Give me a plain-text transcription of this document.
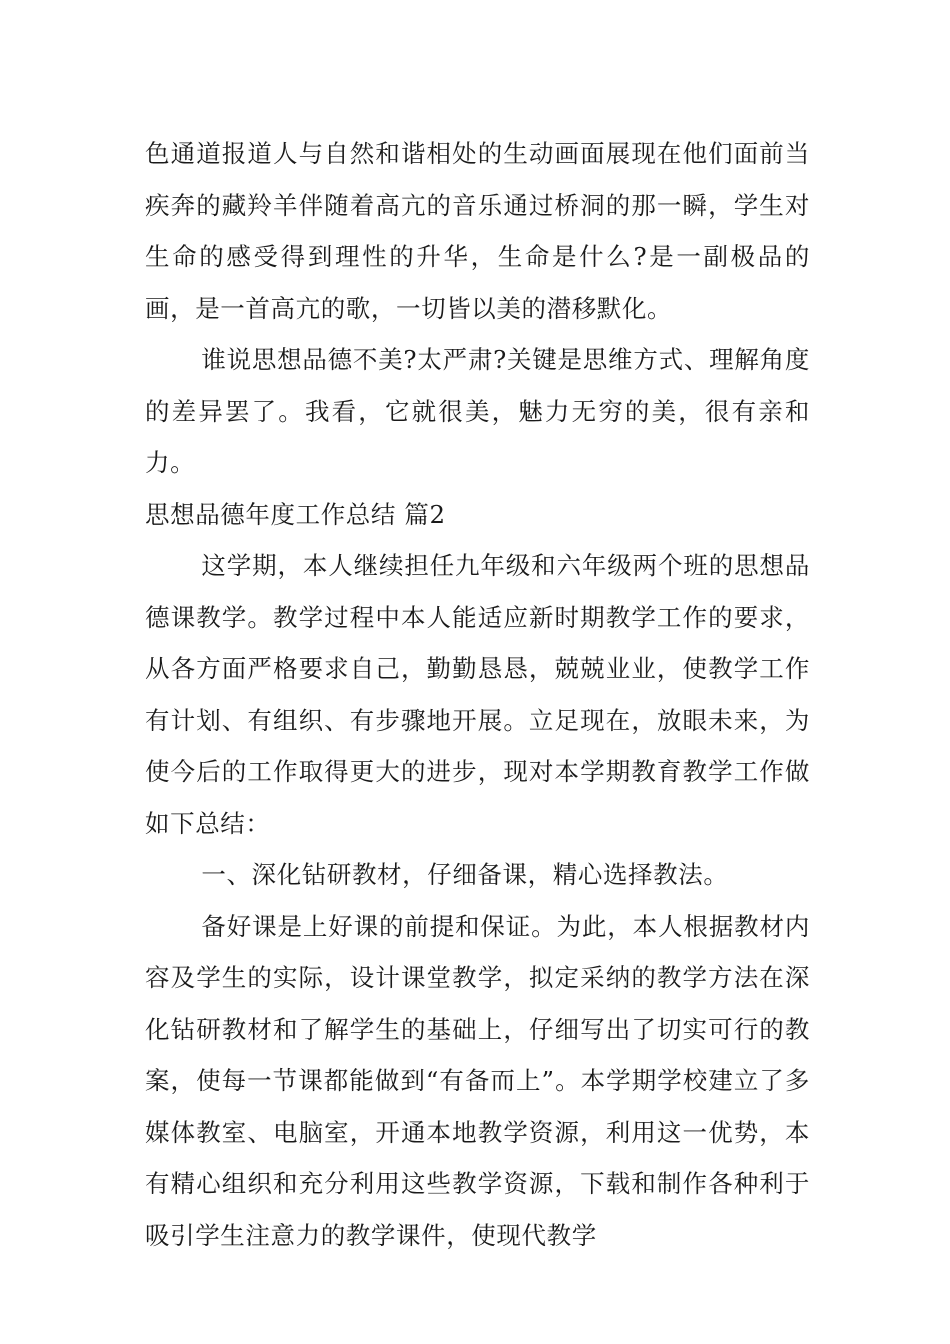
色通道报道人与自然和谐相处的生动画面展现在他们面前当疾奔的藏羚羊伴随着高亢的音乐通过桥洞的那一瞬，学生对生命的感受得到理性的升华，生命是什么?是一副极品的画，是一首高亢的歌，一切皆以美的潜移默化。

谁说思想品德不美?太严肃?关键是思维方式、理解角度的差异罢了。我看，它就很美，魅力无穷的美，很有亲和力。

思想品德年度工作总结 篇2

这学期，本人继续担任九年级和六年级两个班的思想品德课教学。教学过程中本人能适应新时期教学工作的要求，从各方面严格要求自己，勤勤恳恳，兢兢业业，使教学工作有计划、有组织、有步骤地开展。立足现在，放眼未来，为使今后的工作取得更大的进步，现对本学期教育教学工作做如下总结：

一、深化钻研教材，仔细备课，精心选择教法。

备好课是上好课的前提和保证。为此，本人根据教材内容及学生的实际，设计课堂教学，拟定采纳的教学方法在深化钻研教材和了解学生的基础上，仔细写出了切实可行的教案，使每一节课都能做到“有备而上”。本学期学校建立了多媒体教室、电脑室，开通本地教学资源，利用这一优势，本有精心组织和充分利用这些教学资源，下载和制作各种利于吸引学生注意力的教学课件，使现代教学
